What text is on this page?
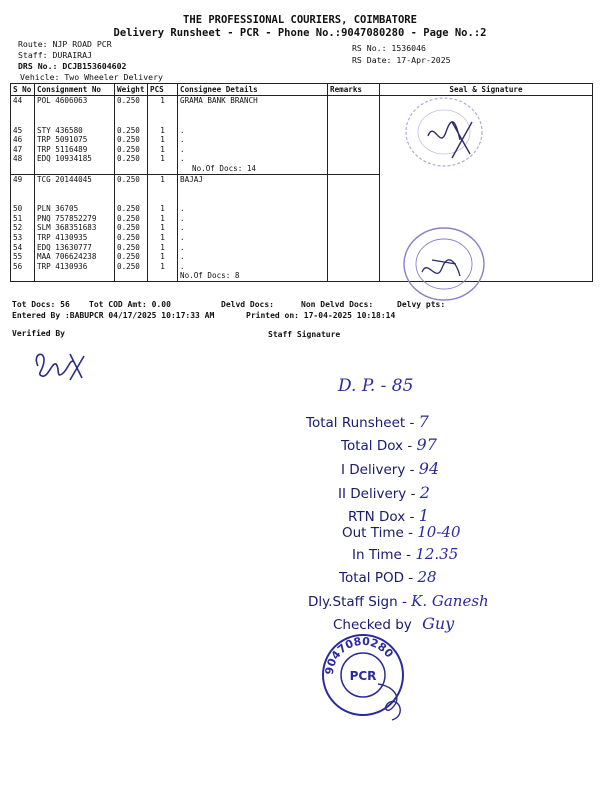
THE PROFESSIONAL COURIERS, COIMBATORE
Delivery Runsheet - PCR - Phone No.:9047080280 - Page No.:2
Route: NJP ROAD PCR
Staff: DURAIRAJ
DRS No.: DCJB153604602
Vehicle: Two Wheeler Delivery
RS No.: 1536046
RS Date: 17-Apr-2025
S No	Consignment No	Weight	PCS	Consignee Details	Remarks	Seal & Signature
44	POL 4606063	0.250	1	GRAMA BANK BRANCH		

45	STY 436580	0.250	1	.		
46	TRP 5091075	0.250	1	.		
47	TRP 5116489	0.250	1	.		
48	EDQ 10934185	0.250	1	.		
				No.Of Docs: 14		
49	TCG 20144045	0.250	1	BAJAJ		

50	PLN 36705	0.250	1	.		
51	PNQ 757852279	0.250	1	.		
52	SLM 368351683	0.250	1	.		
53	TRP 4130935	0.250	1	.		
54	EDQ 13630777	0.250	1	.		
55	MAA 706624238	0.250	1	.		
56	TRP 4130936	0.250	1	.		
				No.Of Docs: 8		
Tot Docs: 56 Tot COD Amt: 0.00	Delvd Docs:	Non Delvd Docs:	Delvy pts:
Entered By :BABUPCR 04/17/2025 10:17:33 AM	Printed on: 17-04-2025 10:18:14
Verified By	Staff Signature
D. P. - 85
Total Runsheet - 7
Total Dox - 97
I Delivery - 94
II Delivery - 2
RTN Dox - 1
Out Time - 10-40
In Time - 12.35
Total POD - 28
Dly.Staff Sign - K. Ganesh
Checked by Guy
9047080280
PCR
